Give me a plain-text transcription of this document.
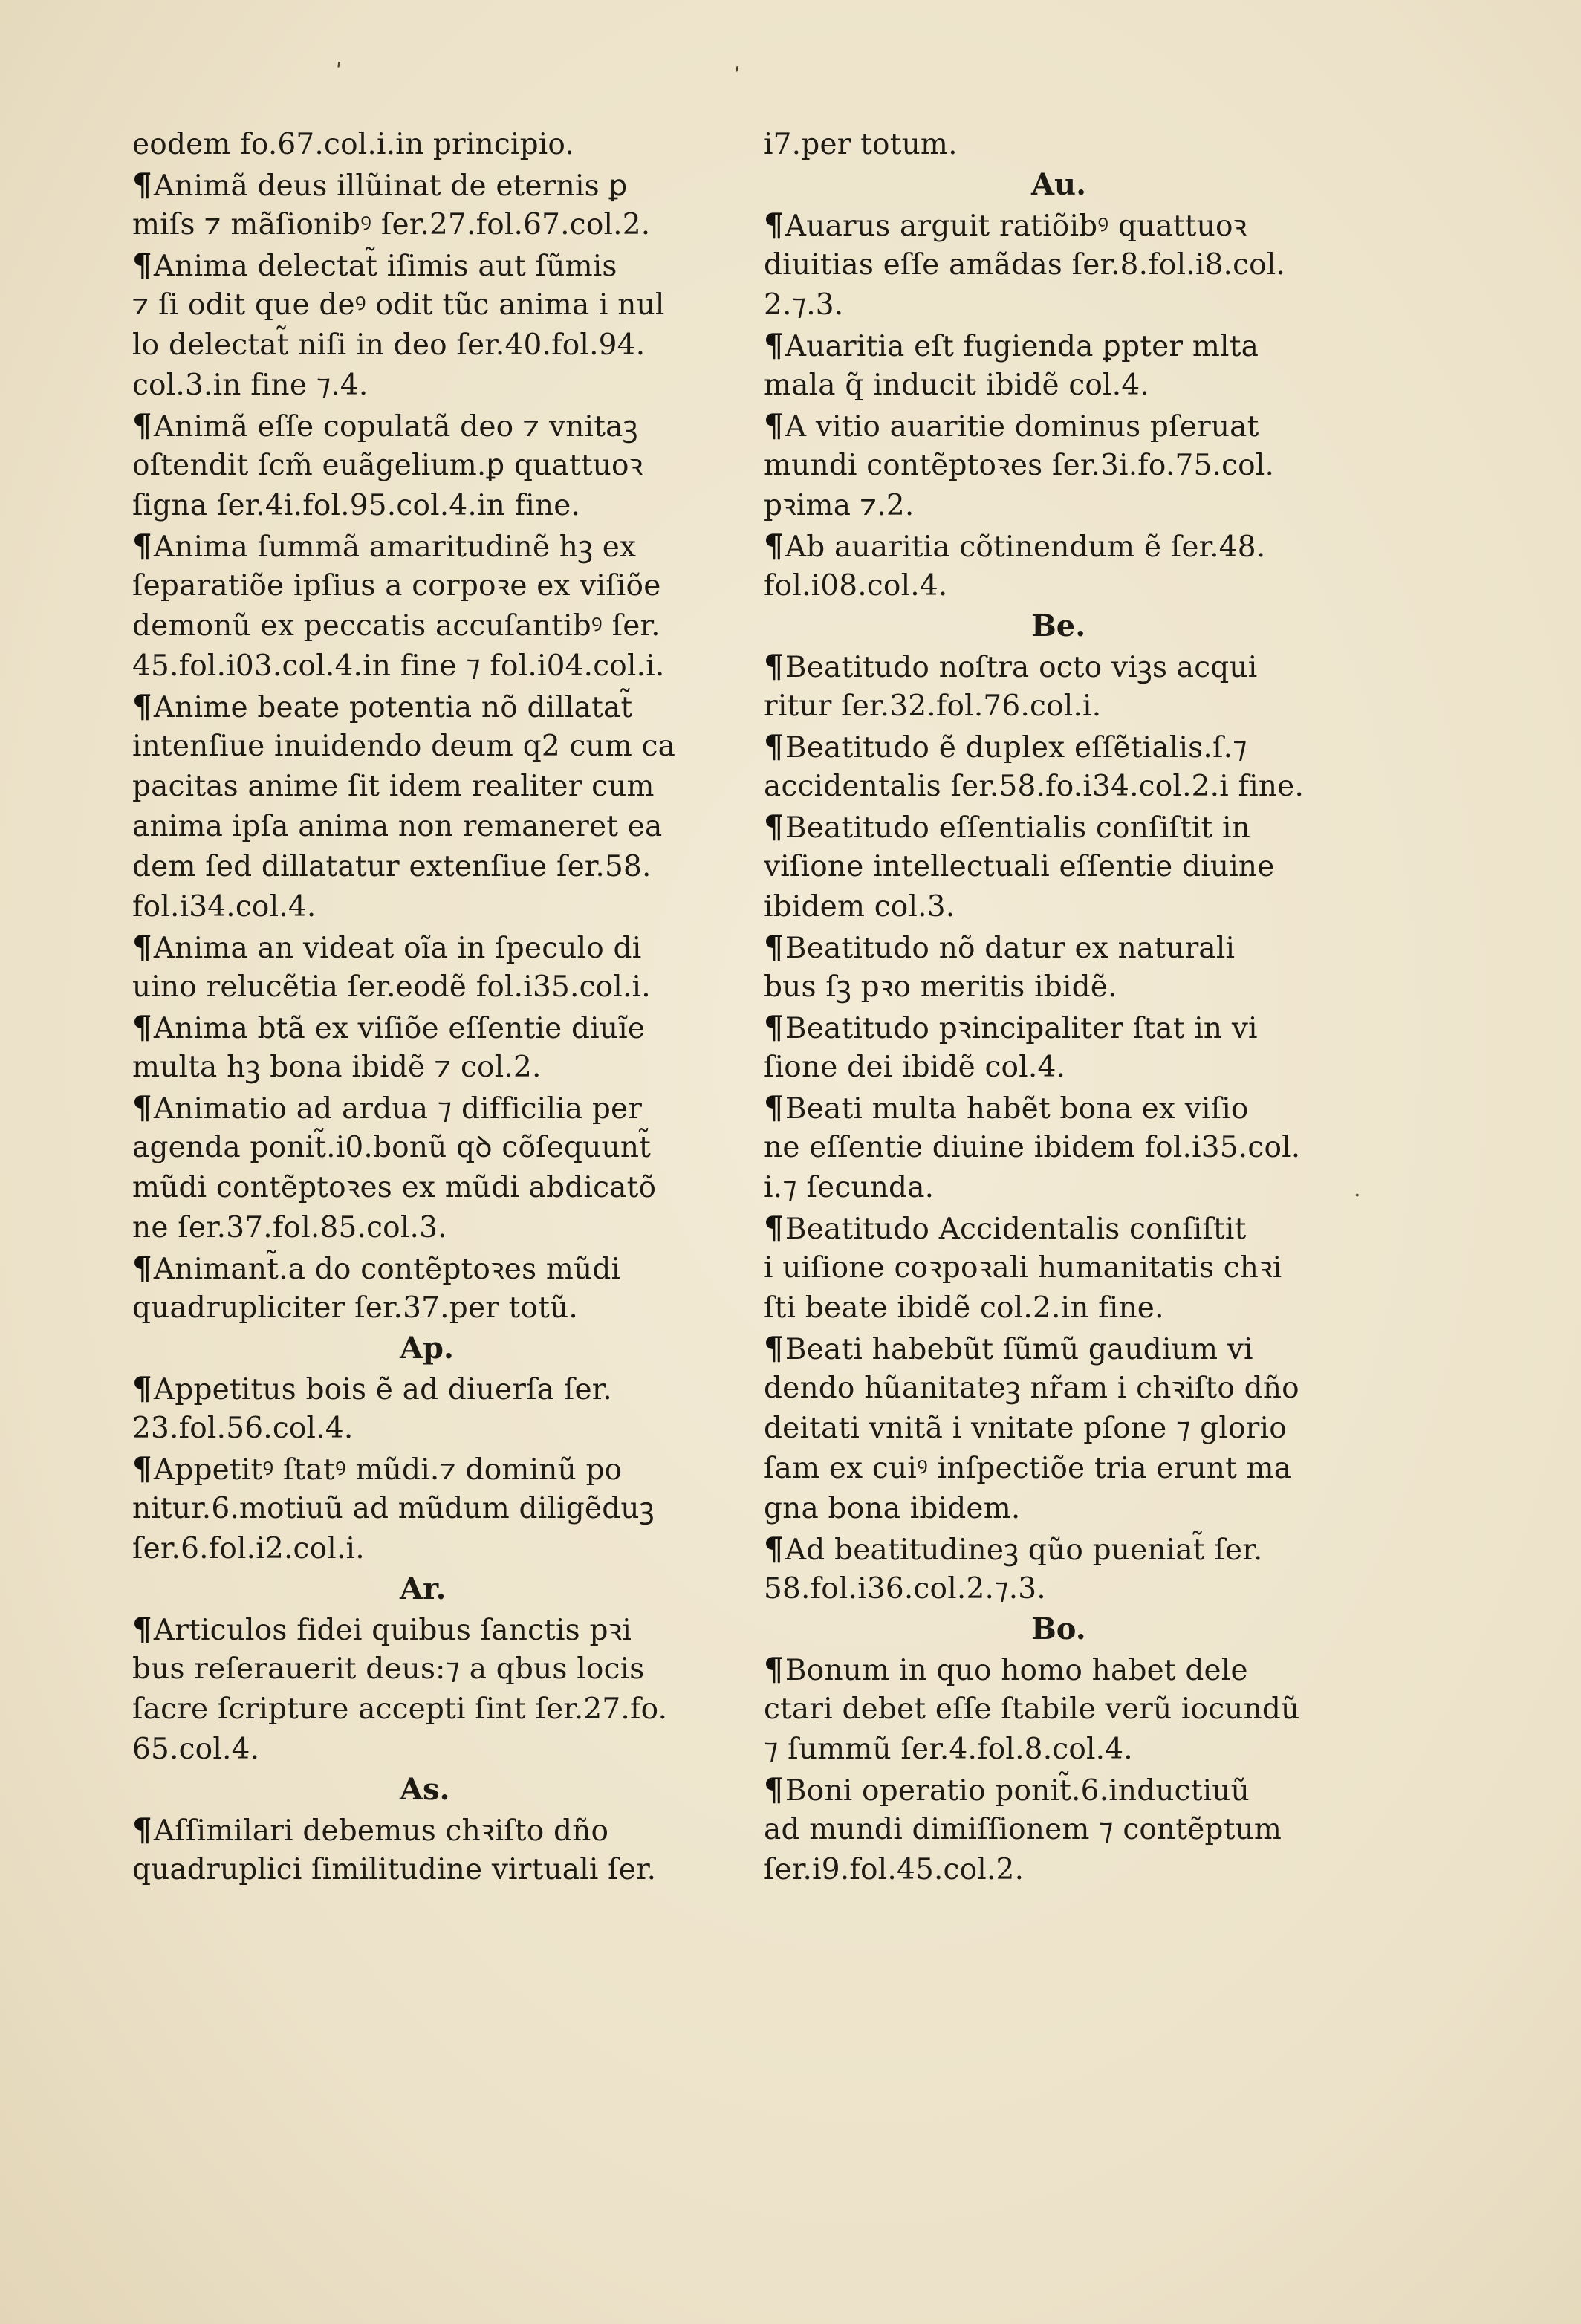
eodem fo.67.col.i.in principio.
¶Animã deus illũinat de eternis ꝑ
miſs ⁊ mãſionibꝰ ſer.27.fol.67.col.2.
¶Anima delectat̃ iſimis aut ſũmis
⁊ ſi odit que deꝰ odit tũc anima i nul
lo delectat̃ niſi in deo ſer.40.fol.94.
col.3.in fine ⁊.4.
¶Animã eſſe copulatã deo ⁊ vnitaꝫ
oſtendit ſcm̃ euãgelium.ꝑ quattuoꝛ
ſigna ſer.4i.fol.95.col.4.in fine.
¶Anima ſummã amaritudinẽ hꝫ ex
ſeparatiõe ipſius a corpoꝛe ex viſiõe
demonũ ex peccatis accuſantibꝰ ſer.
45.fol.i03.col.4.in fine ⁊ fol.i04.col.i.
¶Anime beate potentia nõ dillatat̃
intenſiue inuidendo deum q2 cum ca
pacitas anime ſit idem realiter cum
anima ipſa anima non remaneret ea
dem ſed dillatatur extenſiue ſer.58.
fol.i34.col.4.
¶Anima an videat oĩa in ſpeculo di
uino relucẽtia ſer.eodẽ fol.i35.col.i.
¶Anima btã ex viſiõe eſſentie diuĩe
multa hꝫ bona ibidẽ ⁊ col.2.
¶Animatio ad ardua ⁊ difficilia per
agenda ponit̃.i0.bonũ qꝺ cõſequunt̃
mũdi contẽptoꝛes ex mũdi abdicatõ
ne ſer.37.fol.85.col.3.
¶Animant̃.a do contẽptoꝛes mũdi
quadrupliciter ſer.37.per totũ.
Ap.
¶Appetitus bois ẽ ad diuerſa ſer.
23.fol.56.col.4.
¶Appetitꝰ ſtatꝰ mũdi.⁊ dominũ po
nitur.6.motiuũ ad mũdum diligẽduꝫ
ſer.6.fol.i2.col.i.
Ar.
¶Articulos fidei quibus ſanctis pꝛi
bus reſerauerit deus:⁊ a qbus locis
ſacre ſcripture accepti ſint ſer.27.fo.
65.col.4.
As.
¶Aſſimilari debemus chꝛiſto dño
quadruplici ſimilitudine virtuali ſer.
i7.per totum.
Au.
¶Auarus arguit ratiõibꝰ quattuoꝛ
diuitias eſſe amãdas ſer.8.fol.i8.col.
2.⁊.3.
¶Auaritia eſt fugienda ꝑpter mlta
mala q̃ inducit ibidẽ col.4.
¶A vitio auaritie dominus pſeruat
mundi contẽptoꝛes ſer.3i.fo.75.col.
pꝛima ⁊.2.
¶Ab auaritia cõtinendum ẽ ſer.48.
fol.i08.col.4.
Be.
¶Beatitudo noſtra octo viꝫs acqui
ritur ſer.32.fol.76.col.i.
¶Beatitudo ẽ duplex eſſẽtialis.ſ.⁊
accidentalis ſer.58.fo.i34.col.2.i fine.
¶Beatitudo eſſentialis conſiſtit in
viſione intellectuali eſſentie diuine
ibidem col.3.
¶Beatitudo nõ datur ex naturali
bus ſꝫ pꝛo meritis ibidẽ.
¶Beatitudo pꝛincipaliter ſtat in vi
ſione dei ibidẽ col.4.
¶Beati multa habẽt bona ex viſio
ne eſſentie diuine ibidem fol.i35.col.
i.⁊ ſecunda.
¶Beatitudo Accidentalis conſiſtit
i uiſione coꝛpoꝛali humanitatis chꝛi
ſti beate ibidẽ col.2.in fine.
¶Beati habebũt ſũmũ gaudium vi
dendo hũanitateꝫ nr̃am i chꝛiſto dño
deitati vnitã i vnitate pſone ⁊ glorio
ſam ex cuiꝰ inſpectiõe tria erunt ma
gna bona ibidem.
¶Ad beatitudineꝫ qũo pueniat̃ ſer.
58.fol.i36.col.2.⁊.3.
Bo.
¶Bonum in quo homo habet dele
ctari debet eſſe ſtabile verũ iocundũ
⁊ ſummũ ſer.4.fol.8.col.4.
¶Boni operatio ponit̃.6.inductiuũ
ad mundi dimiſſionem ⁊ contẽptum
ſer.i9.fol.45.col.2.
ʹ	ʹ
·
